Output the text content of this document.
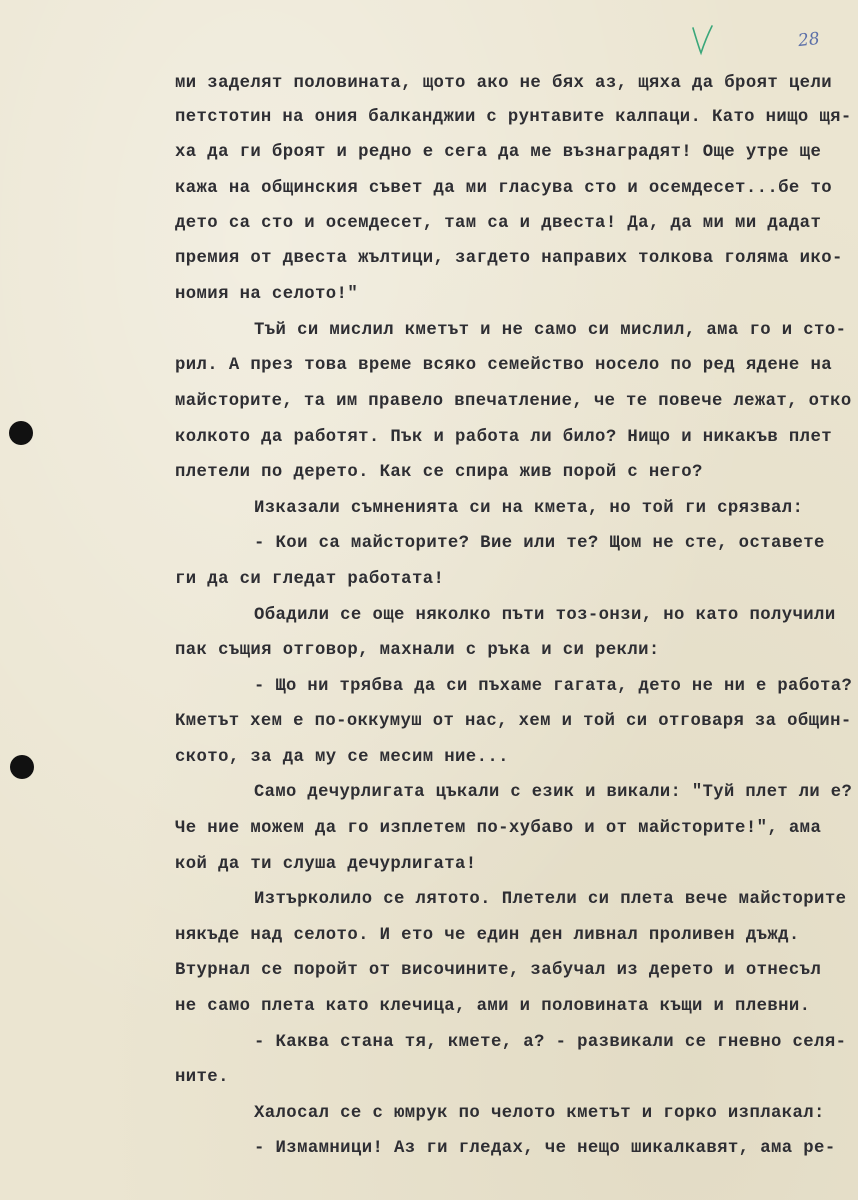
28
ми заделят половината, щото ако не бях аз, щяха да броят цели
петстотин на ония балканджии с рунтавите калпаци. Като нищо щя-
ха да ги броят и редно е сега да ме възнаградят! Още утре ще
кажа на общинския съвет да ми гласува сто и осемдесет...бе то
дето са сто и осемдесет, там са и двеста! Да, да ми ми дадат
премия от двеста жълтици, загдето направих толкова голяма ико-
номия на селото!"
Тъй си мислил кметът и не само си мислил, ама го и сто-
рил. А през това време всяко семейство носело по ред ядене на
майсторите, та им правело впечатление, че те повече лежат, отко
колкото да работят. Пък и работа ли било? Нищо и никакъв плет
плетели по дерето. Как се спира жив порой с него?
Изказали съмненията си на кмета, но той ги срязвал:
- Кои са майсторите? Вие или те? Щом не сте, оставете
ги да си гледат работата!
Обадили се още няколко пъти тоз-онзи, но като получили
пак същия отговор, махнали с ръка и си рекли:
- Що ни трябва да си пъхаме гагата, дето не ни е работа?
Кметът хем е по-оккумуш от нас, хем и той си отговаря за общин-
ското, за да му се месим ние...
Само дечурлигата цъкали с език и викали: "Туй плет ли е?
Че ние можем да го изплетем по-хубаво и от майсторите!", ама
кой да ти слуша дечурлигата!
Изтърколило се лятото. Плетели си плета вече майсторите
някъде над селото. И ето че един ден ливнал проливен дъжд.
Втурнал се поройт от височините, забучал из дерето и отнесъл
не само плета като клечица, ами и половината къщи и плевни.
- Каква стана тя, кмете, а? - развикали се гневно селя-
ните.
Халосал се с юмрук по челото кметът и горко изплакал:
- Измамници! Аз ги гледах, че нещо шикалкавят, ама ре-
